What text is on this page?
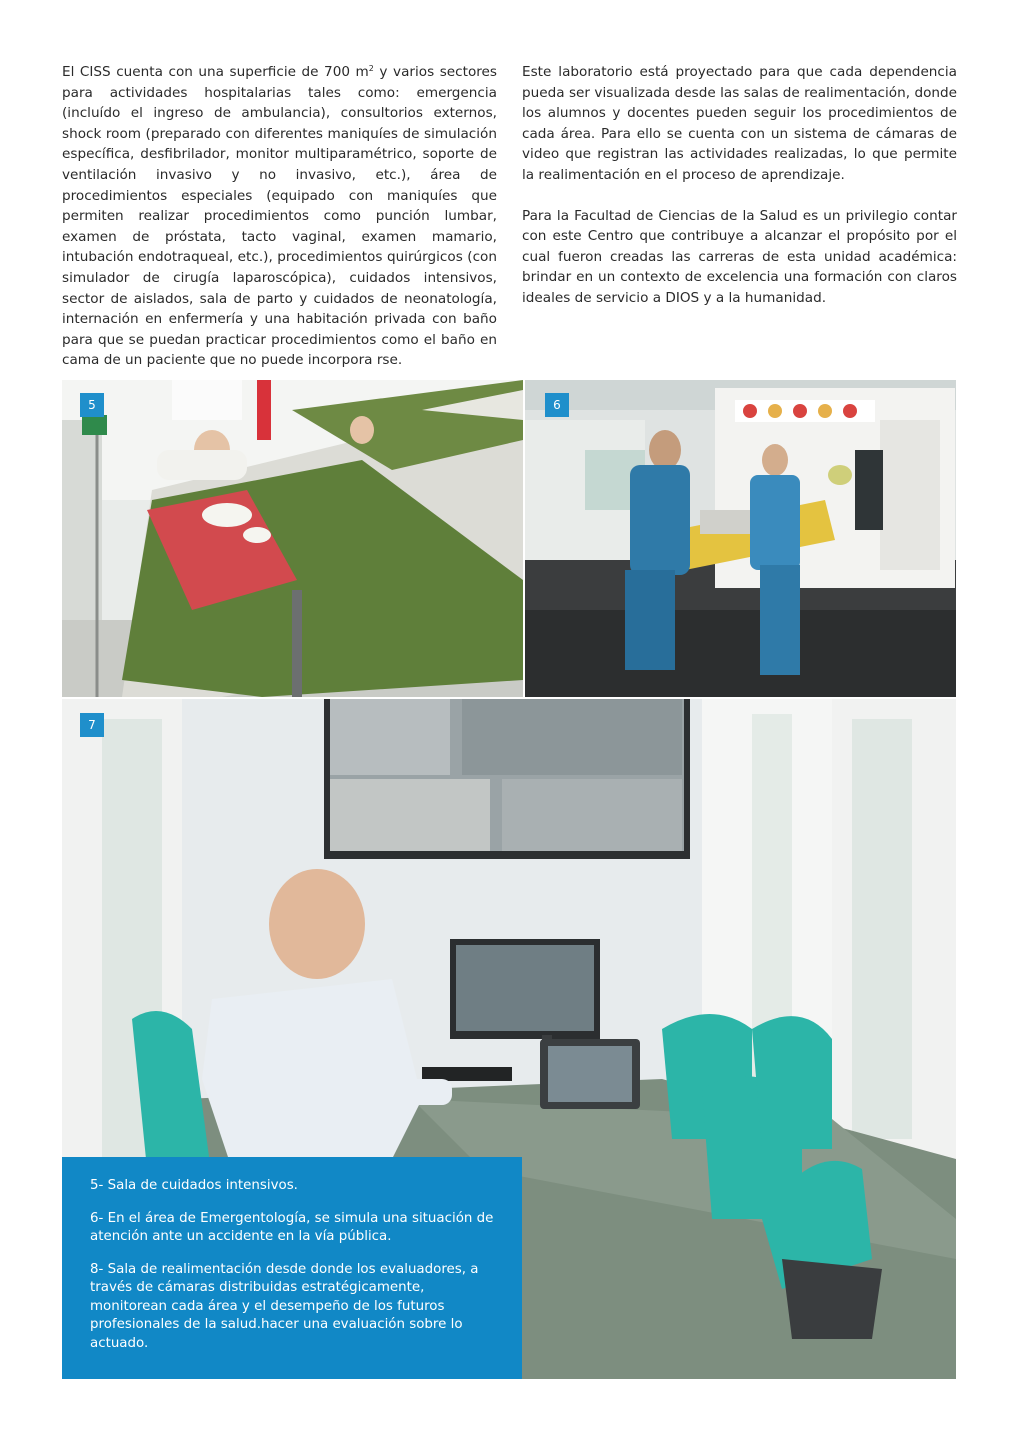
El CISS cuenta con una superficie de 700 $m^2$ y varios sectores para actividades hospitalarias tales como: emergencia (incluído el ingreso de ambulancia), consultorios externos, shock room (preparado con diferentes maniquíes de simulación específica, desfibrilador, monitor multiparamétrico, soporte de ventilación invasivo y no invasivo, etc.), área de procedimientos especiales (equipado con maniquíes que permiten realizar procedimientos como punción lumbar, examen de próstata, tacto vaginal, examen mamario, intubación endotraqueal, etc.), procedimientos quirúrgicos (con simulador de cirugía laparoscópica), cuidados intensivos, sector de aislados, sala de parto y cuidados de neonatología, internación en enfermería y una habitación privada con baño para que se puedan practicar procedimientos como el baño en cama de un paciente que no puede incorpora rse.

Este laboratorio está proyectado para que cada dependencia pueda ser visualizada desde las salas de realimentación, donde los alumnos y docentes pueden seguir los procedimientos de cada área. Para ello se cuenta con un sistema de cámaras de video que registran las actividades realizadas, lo que permite la realimentación en el proceso de aprendizaje.

Para la Facultad de Ciencias de la Salud es un privilegio contar con este Centro que contribuye a alcanzar el propósito por el cual fueron creadas las carreras de esta unidad académica: brindar en un contexto de excelencia una formación con claros ideales de servicio a DIOS y a la humanidad.

5	6
7

5- Sala de cuidados intensivos.

6- En el área de Emergentología, se simula una situación de atención ante un accidente en la vía pública.

8- Sala de realimentación desde donde los evaluadores, a través de cámaras distribuidas estratégicamente, monitorean cada área y el desempeño de los futuros profesionales de la salud.hacer una evaluación sobre lo actuado.
